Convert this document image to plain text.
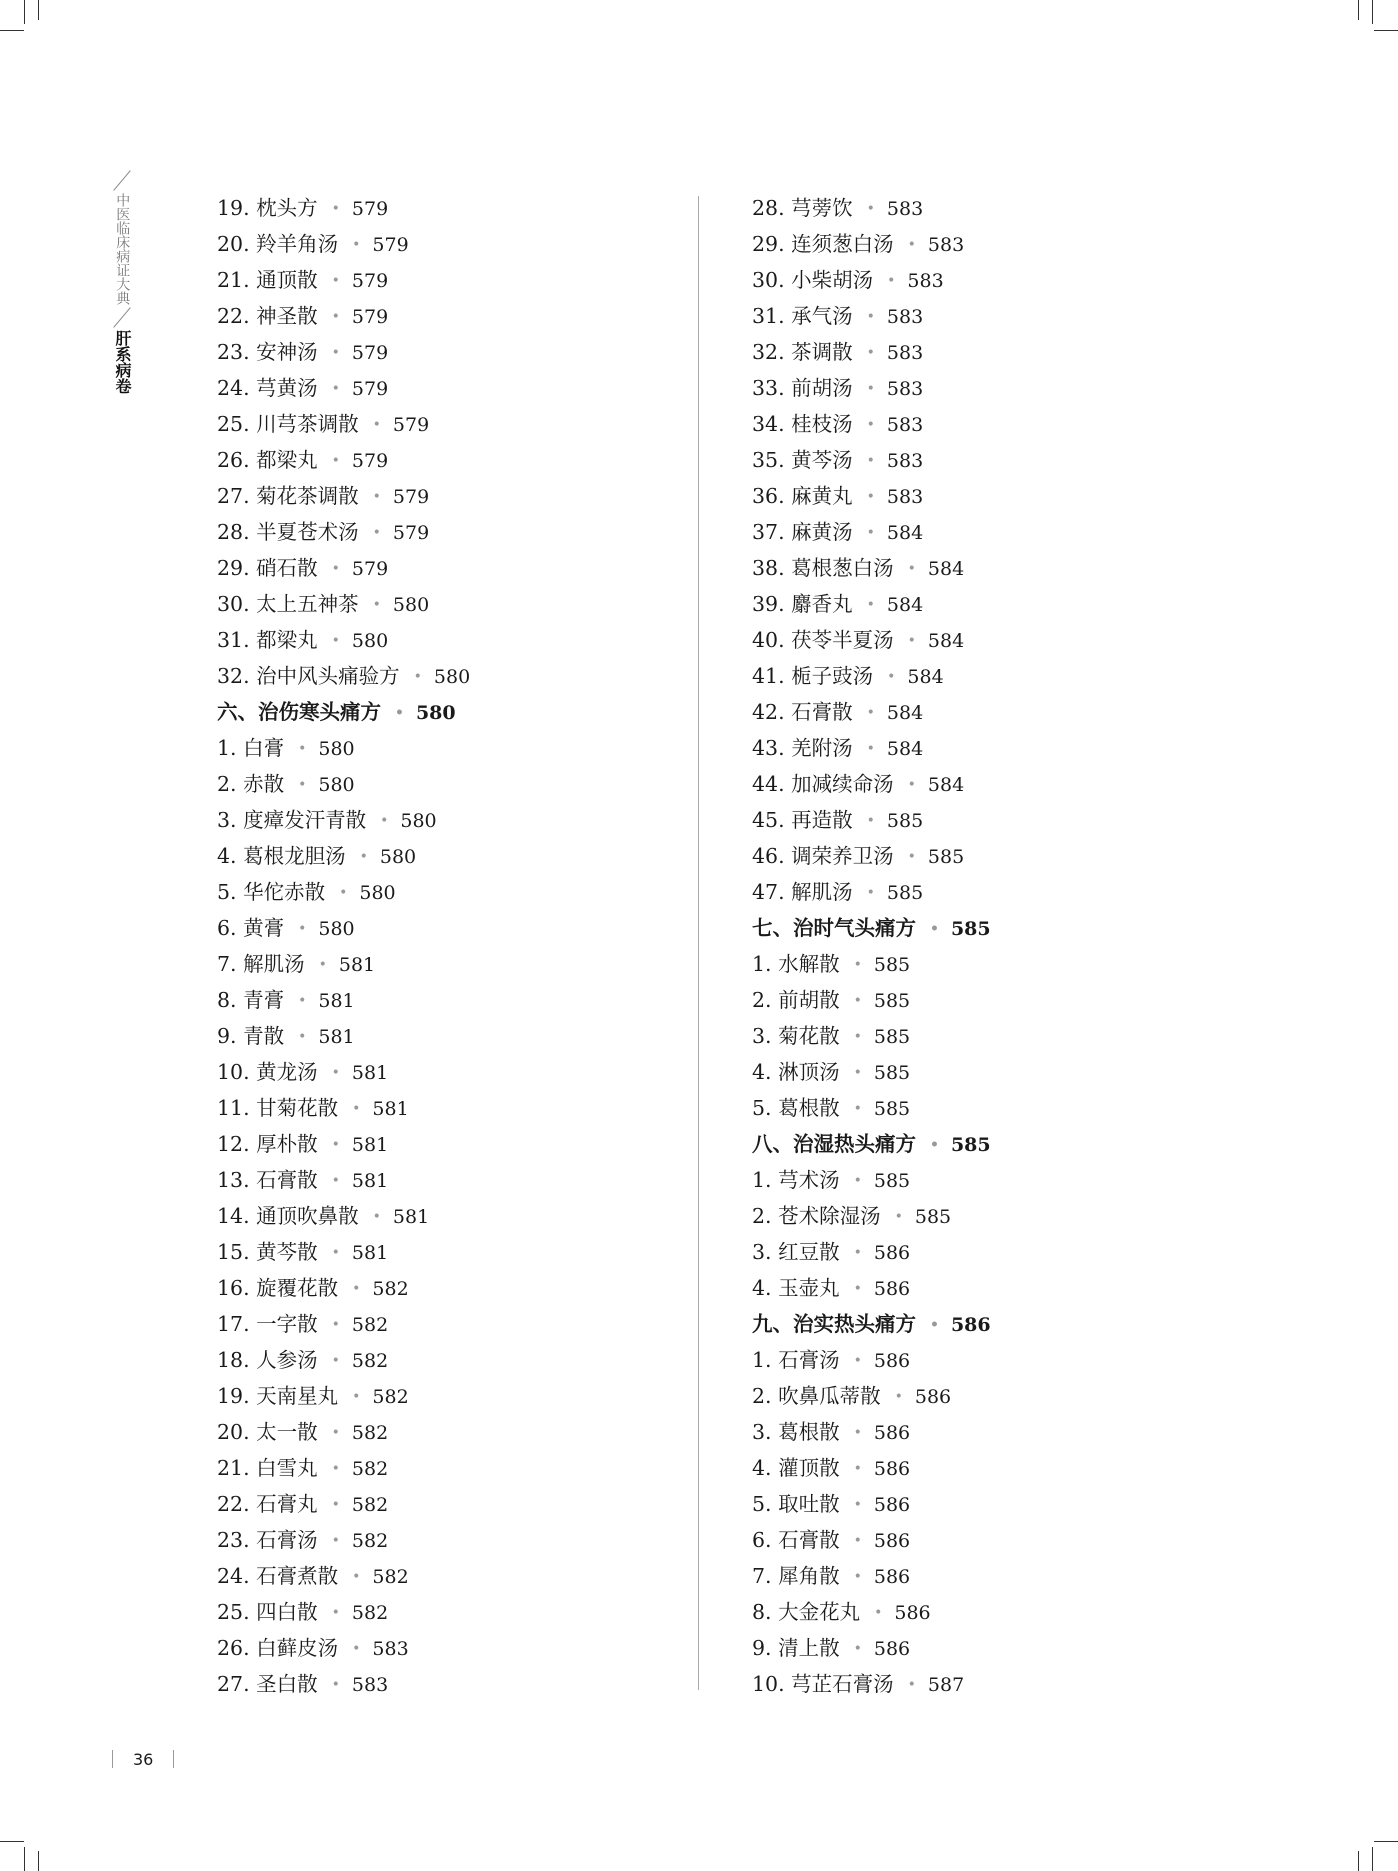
中医临床病证大典
肝系病卷
19. 枕头方 • 579
20. 羚羊角汤 • 579
21. 通顶散 • 579
22. 神圣散 • 579
23. 安神汤 • 579
24. 芎黄汤 • 579
25. 川芎茶调散 • 579
26. 都梁丸 • 579
27. 菊花茶调散 • 579
28. 半夏苍术汤 • 579
29. 硝石散 • 579
30. 太上五神茶 • 580
31. 都梁丸 • 580
32. 治中风头痛验方 • 580
六、治伤寒头痛方 • 580
1. 白膏 • 580
2. 赤散 • 580
3. 度瘴发汗青散 • 580
4. 葛根龙胆汤 • 580
5. 华佗赤散 • 580
6. 黄膏 • 580
7. 解肌汤 • 581
8. 青膏 • 581
9. 青散 • 581
10. 黄龙汤 • 581
11. 甘菊花散 • 581
12. 厚朴散 • 581
13. 石膏散 • 581
14. 通顶吹鼻散 • 581
15. 黄芩散 • 581
16. 旋覆花散 • 582
17. 一字散 • 582
18. 人参汤 • 582
19. 天南星丸 • 582
20. 太一散 • 582
21. 白雪丸 • 582
22. 石膏丸 • 582
23. 石膏汤 • 582
24. 石膏煮散 • 582
25. 四白散 • 582
26. 白藓皮汤 • 583
27. 圣白散 • 583
28. 芎蒡饮 • 583
29. 连须葱白汤 • 583
30. 小柴胡汤 • 583
31. 承气汤 • 583
32. 茶调散 • 583
33. 前胡汤 • 583
34. 桂枝汤 • 583
35. 黄芩汤 • 583
36. 麻黄丸 • 583
37. 麻黄汤 • 584
38. 葛根葱白汤 • 584
39. 麝香丸 • 584
40. 茯苓半夏汤 • 584
41. 栀子豉汤 • 584
42. 石膏散 • 584
43. 羌附汤 • 584
44. 加减续命汤 • 584
45. 再造散 • 585
46. 调荣养卫汤 • 585
47. 解肌汤 • 585
七、治时气头痛方 • 585
1. 水解散 • 585
2. 前胡散 • 585
3. 菊花散 • 585
4. 淋顶汤 • 585
5. 葛根散 • 585
八、治湿热头痛方 • 585
1. 芎术汤 • 585
2. 苍术除湿汤 • 585
3. 红豆散 • 586
4. 玉壶丸 • 586
九、治实热头痛方 • 586
1. 石膏汤 • 586
2. 吹鼻瓜蒂散 • 586
3. 葛根散 • 586
4. 灌顶散 • 586
5. 取吐散 • 586
6. 石膏散 • 586
7. 犀角散 • 586
8. 大金花丸 • 586
9. 清上散 • 586
10. 芎芷石膏汤 • 587
36
